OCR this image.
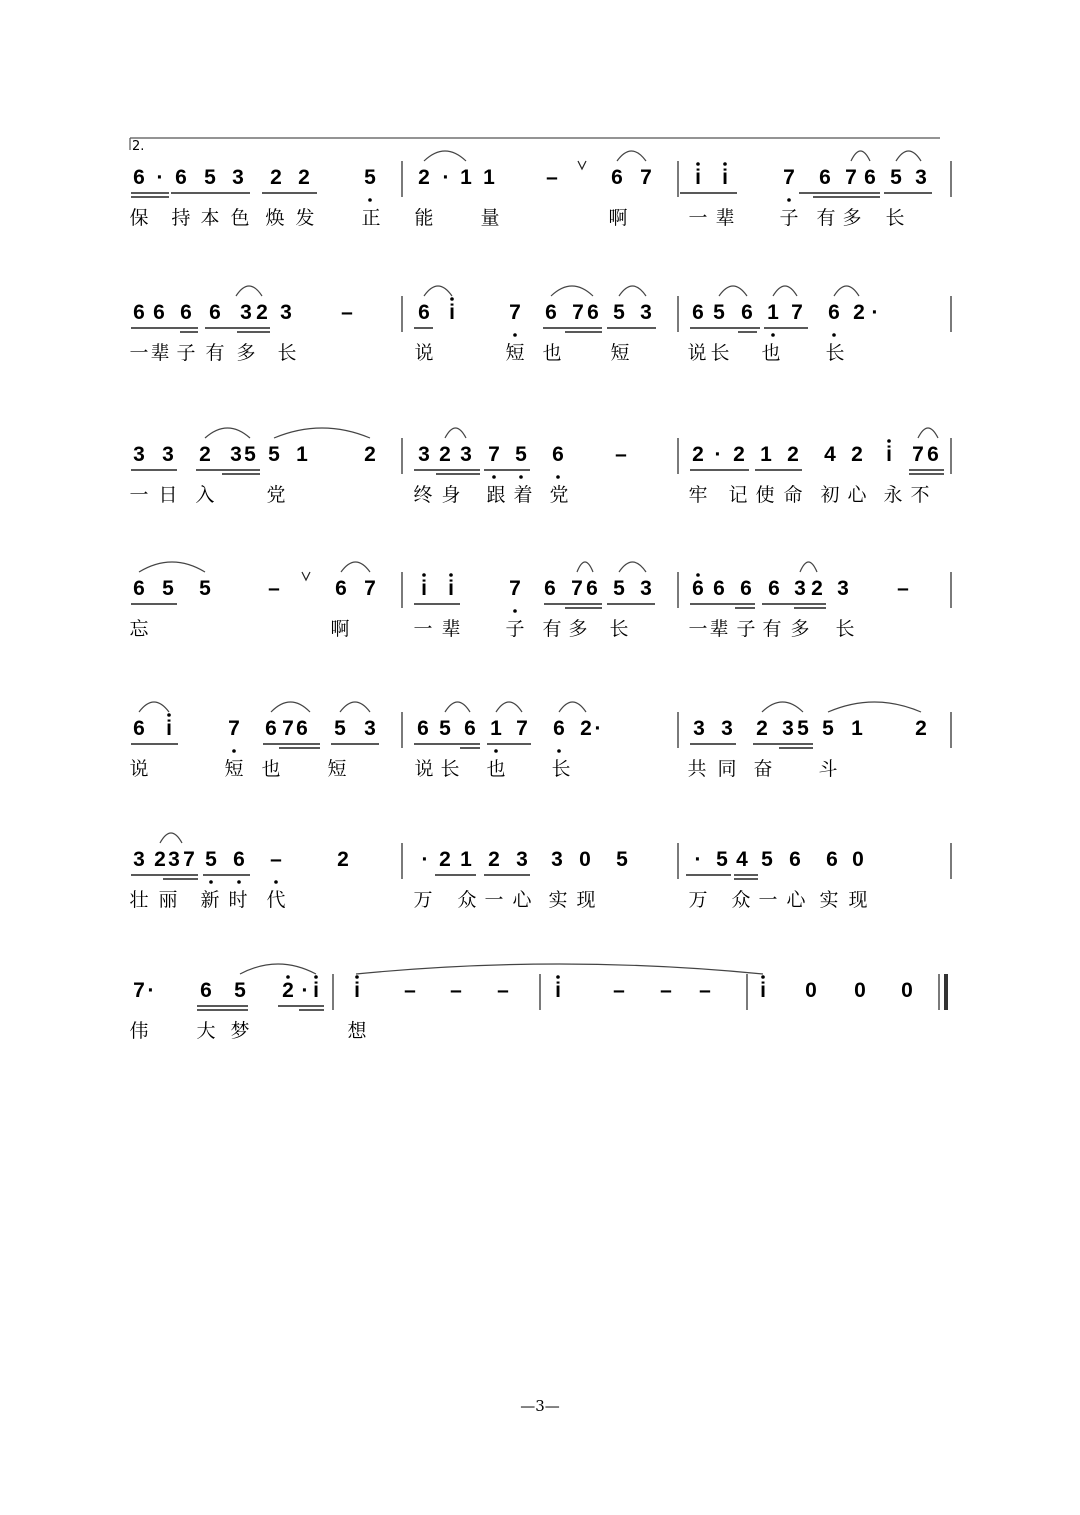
2.
6 · 6 5 3 2 2	5 2 · 1 1 –	6 7 i i	7 6 7 6 5 3
保 持 本 色 焕 发 正 能 量	啊	一 辈 子 有 多 长
6 6 6 6 3 2 3 –	6 i	7 6 7 6 5 3 6 5 6 1 7 6 2 ·
一 辈 子 有 多 长	说	短 也	短	说 长 也 长
3 3 2 3 5 5 1	2 3 2 3 7 5 6 –	2 · 2 1 2 4 2 i 7 6
一 日 入	党	终 身 跟 着 党	牢 记 使 命 初 心 永 不
6 5 5	–	6 7 i i	7 6 7 6 5 3 6 6 6 6 3 2 3 –
忘	啊	一 辈 子 有 多 长	一 辈 子 有 多 长
6 i	7 6 7 6 5 3 6 5 6 1 7 6 2 ·	3 3 2 3 5 5 1 2
说	短 也 短	说 长 也 长	共 同 奋 斗
3 2 3 7 5 6 –	2	· 2 1 2 3 3 0 5	· 5 4 5 6 6 0
壮 丽 新 时 代	万 众 一 心 实 现	万 众 一 心 实 现
7 · 6 5 2 · i i – – – i – – – i 0 0 0
伟	大 梦	想
—3—
